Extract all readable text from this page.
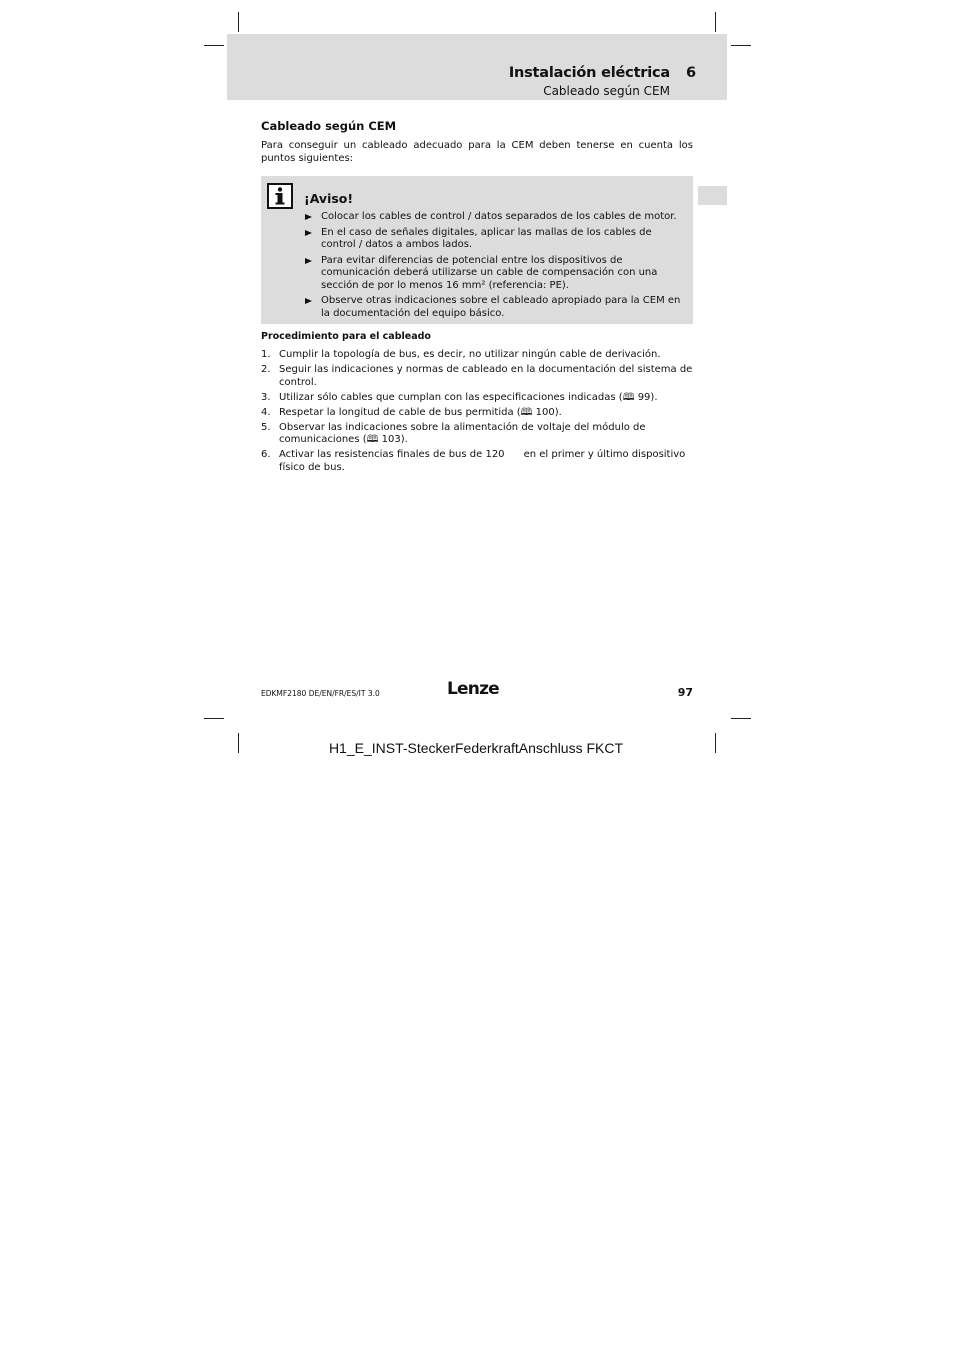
Instalación eléctrica 6
Cableado según CEM
Cableado según CEM
Para conseguir un cableado adecuado para la CEM deben tenerse en cuenta los puntos siguientes:
¡Aviso!
Colocar los cables de control / datos separados de los cables de motor.
En el caso de señales digitales, aplicar las mallas de los cables de control / datos a ambos lados.
Para evitar diferencias de potencial entre los dispositivos de comunicación deberá utilizarse un cable de compensación con una sección de por lo menos 16 mm² (referencia: PE).
Observe otras indicaciones sobre el cableado apropiado para la CEM en la documentación del equipo básico.
Procedimiento para el cableado
1. Cumplir la topología de bus, es decir, no utilizar ningún cable de derivación.
2. Seguir las indicaciones y normas de cableado en la documentación del sistema de control.
3. Utilizar sólo cables que cumplan con las especificaciones indicadas (🕮 99).
4. Respetar la longitud de cable de bus permitida (🕮 100).
5. Observar las indicaciones sobre la alimentación de voltaje del módulo de comunicaciones (🕮 103).
6. Activar las resistencias finales de bus de 120      en el primer y último dispositivo físico de bus.
EDKMF2180 DE/EN/FR/ES/IT 3.0	Lenze	97
H1_E_INST-SteckerFederkraftAnschluss FKCT
